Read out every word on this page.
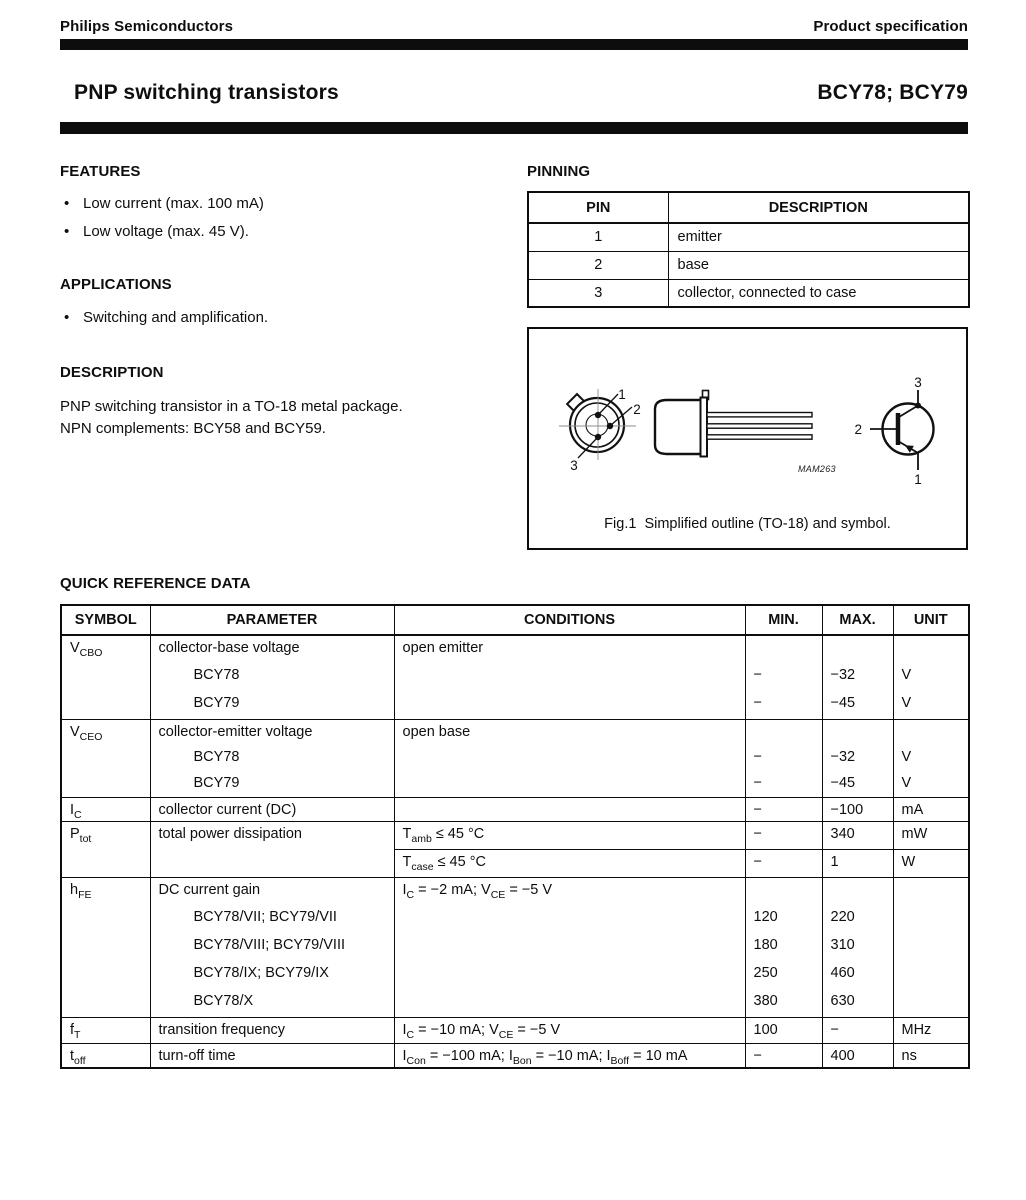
Philips Semiconductors	Product specification
PNP switching transistors	BCY78; BCY79
FEATURES
• Low current (max. 100 mA)
• Low voltage (max. 45 V).
APPLICATIONS
• Switching and amplification.
DESCRIPTION
PNP switching transistor in a TO-18 metal package.
NPN complements: BCY58 and BCY59.
PINNING
PIN	DESCRIPTION
1	emitter
2	base
3	collector, connected to case
1
2
3	MAM263
2
3
1
Fig.1  Simplified outline (TO-18) and symbol.
QUICK REFERENCE DATA
SYMBOL	PARAMETER	CONDITIONS	MIN.	MAX.	UNIT
$V_{CBO}$	collector-base voltage	open emitter			
	BCY78		−	−32	V
	BCY79		−	−45	V
$V_{CEO}$	collector-emitter voltage	open base			
	BCY78		−	−32	V
	BCY79		−	−45	V
$I_C$	collector current (DC)		−	−100	mA
$P_{tot}$	total power dissipation	$T_{amb} \le 45$ °C	−	340	mW
		$T_{case} \le 45$ °C	−	1	W
$h_{FE}$	DC current gain	$I_C = -2$ mA; $V_{CE} = -5$ V			
	BCY78/VII; BCY79/VII		120	220	
	BCY78/VIII; BCY79/VIII		180	310	
	BCY78/IX; BCY79/IX		250	460	
	BCY78/X		380	630	
$f_T$	transition frequency	$I_C = -10$ mA; $V_{CE} = -5$ V	100	−	MHz
$t_{off}$	turn-off time	$I_{Con} = -100$ mA; $I_{Bon} = -10$ mA; $I_{Boff} = 10$ mA	−	400	ns
